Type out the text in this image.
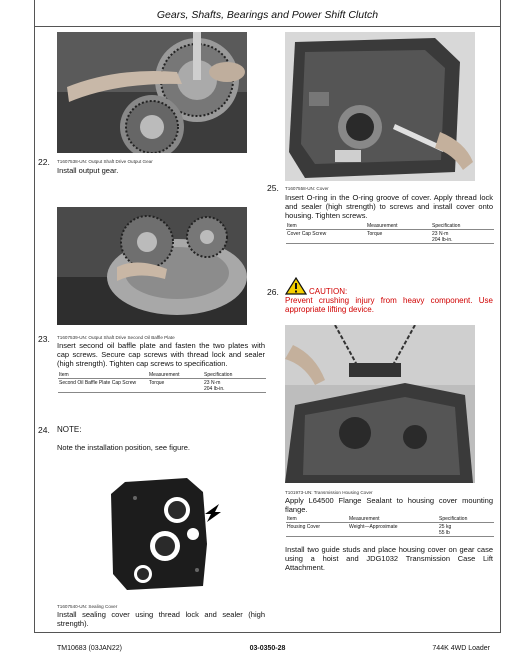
Gears, Shafts, Bearings and Power Shift Clutch
T1607538-UN: Output Shaft Drive Output Gear
22.
Install output gear.
T1607539-UN: Output Shaft Drive Second Oil Baffle Plate
23.
Insert second oil baffle plate and fasten the two plates with cap screws. Secure cap screws with thread lock and sealer (high strength). Tighten cap screws to specification.
Item	Measurement	Specification
Second Oil Baffle Plate Cap Screw	Torque	23 N·m
204 lb-in.
24. NOTE:
Note the installation position, see figure.
T1607540-UN: Sealing Cover
Install sealing cover using thread lock and sealer (high strength).
T1607558-UN: Cover
25.
Insert O-ring in the O-ring groove of cover. Apply thread lock and sealer (high strength) to screws and install cover onto housing. Tighten screws.
Item	Measurement	Specification
Cover Cap Screw	Torque	23 N·m
204 lb-in.
26.	CAUTION:
Prevent crushing injury from heavy component. Use appropriate lifting device.
T101973-UN: Transmission Housing Cover
Apply L64500 Flange Sealant to housing cover mounting flange.
Item	Measurement	Specification
Housing Cover	Weight—Approximate	25 kg
55 lb
Install two guide studs and place housing cover on gear case using a hoist and JDG1032 Transmission Case Lift Attachment.
TM10683 (03JAN22)	03-0350-28	744K 4WD Loader
